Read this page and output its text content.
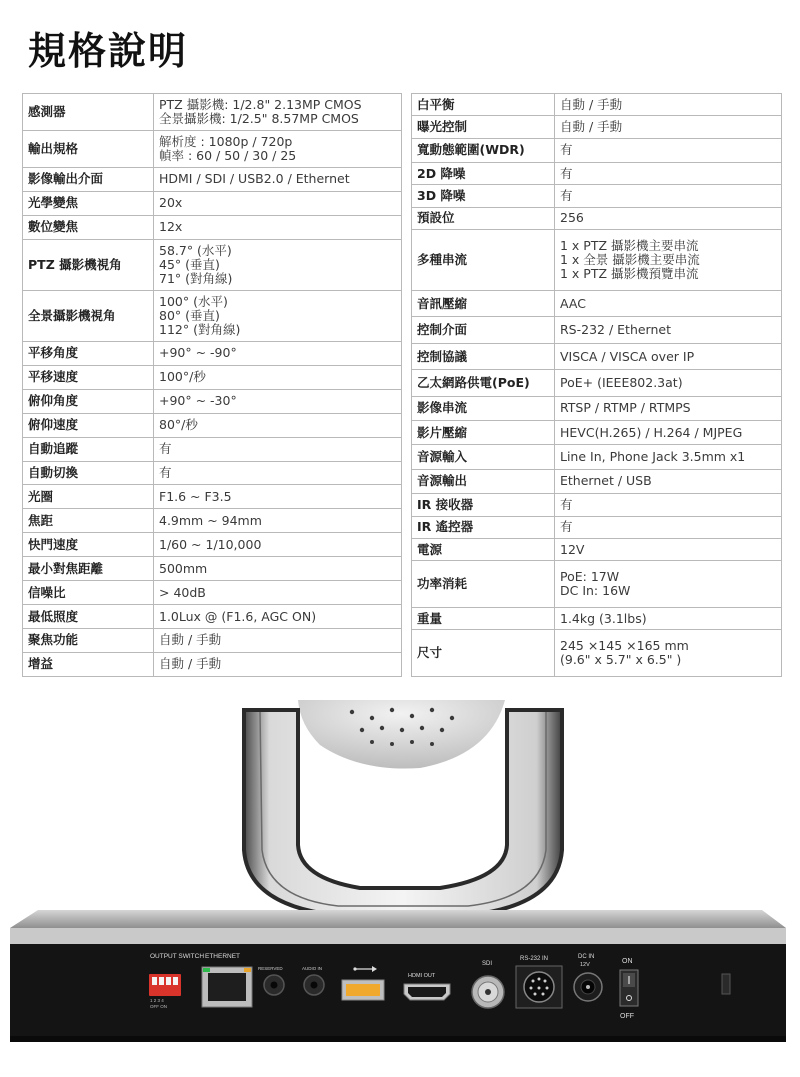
規格說明
感測器	PTZ 攝影機: 1/2.8" 2.13MP CMOS
全景攝影機: 1/2.5" 8.57MP CMOS

輸出規格	解析度 : 1080p / 720p
幀率 : 60 / 50 / 30 / 25

影像輸出介面	HDMI / SDI / USB2.0 / Ethernet

光學變焦	20x

數位變焦	12x

PTZ 攝影機視角	58.7° (水平)
45° (垂直)
71° (對角線)

全景攝影機視角	100° (水平)
80° (垂直)
112° (對角線)

平移角度	+90° ~ -90°

平移速度	100°/秒

俯仰角度	+90° ~ -30°

俯仰速度	80°/秒

自動追蹤	有

自動切換	有

光圈	F1.6 ~ F3.5

焦距	4.9mm ~ 94mm

快門速度	1/60 ~ 1/10,000

最小對焦距離	500mm

信噪比	> 40dB

最低照度	1.0Lux @ (F1.6, AGC ON)

聚焦功能	自動 / 手動

增益	自動 / 手動
白平衡	自動 / 手動

曝光控制	自動 / 手動

寬動態範圍(WDR)	有

2D 降噪	有

3D 降噪	有

預設位	256

多種串流	1 x PTZ 攝影機主要串流
1 x 全景 攝影機主要串流
1 x PTZ 攝影機預覽串流

音訊壓縮	AAC

控制介面	RS-232 / Ethernet

控制協議	VISCA / VISCA over IP

乙太網路供電(PoE)	PoE+ (IEEE802.3at)

影像串流	RTSP / RTMP / RTMPS

影片壓縮	HEVC(H.265) / H.264 / MJPEG

音源輸入	Line In, Phone Jack 3.5mm x1

音源輸出	Ethernet / USB

IR 接收器	有

IR 遙控器	有

電源	12V

功率消耗	PoE: 17W
DC In: 16W

重量	1.4kg (3.1lbs)

尺寸	245 ×145 ×165 mm
(9.6" x 5.7" x 6.5" )
OUTPUT SWITCH
1 2 3 4
OFF ON
ETHERNET
RESERVED	AUDIO IN
HDMI OUT
SDI
RS-232 IN	DC IN
12V	ON
OFF
